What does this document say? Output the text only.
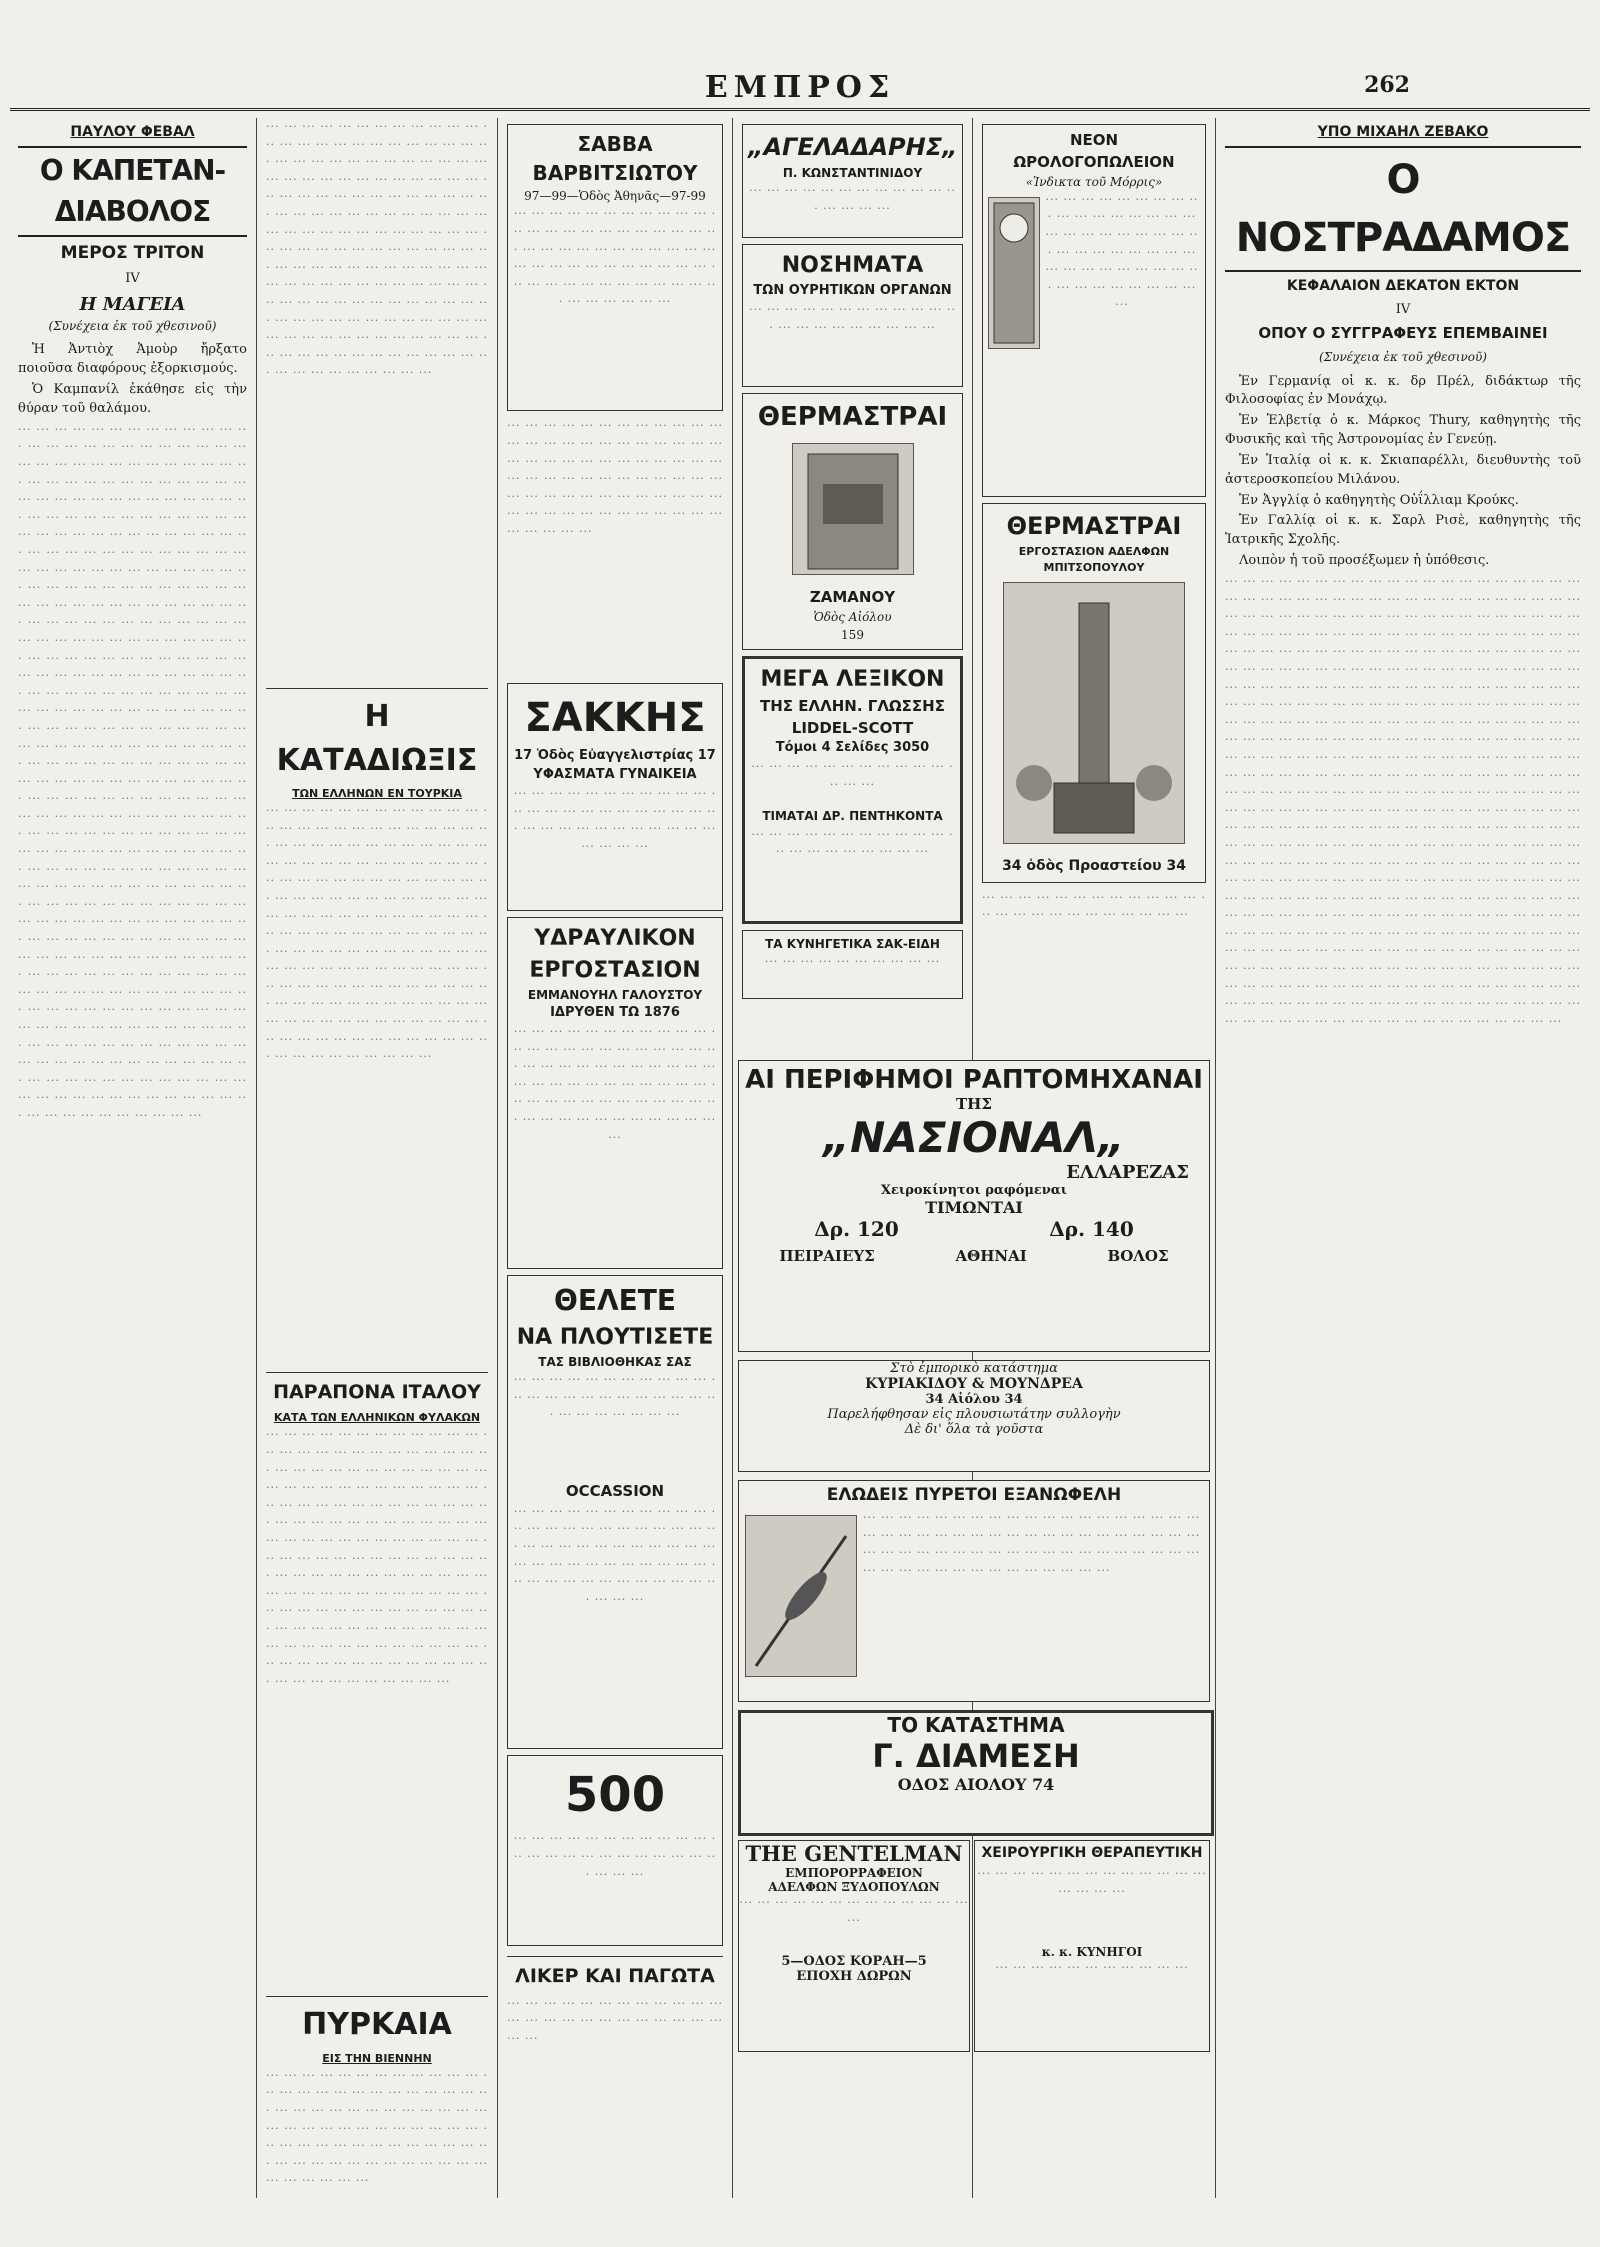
ΕΜΠΡΟΣ	262
ΠΑΥΛΟΥ ΦΕΒΑΛ
Ο ΚΑΠΕΤΑΝ-ΔΙΑΒΟΛΟΣ
ΜΕΡΟΣ ΤΡΙΤΟΝ
IV
Η ΜΑΓΕΙΑ
(Συνέχεια ἐκ τοῦ χθεσινοῦ)

Ἡ Ἀντιὸχ Ἀμοὺρ ἤρξατο ποιοῦσα διαφόρους ἐξορκισμούς.

Ὁ Καμπανίλ ἐκάθησε εἰς τὴν θύραν τοῦ θαλάμου.

··· ··· ··· ··· ··· ··· ··· ··· ··· ··· ··· ··· ··· ··· ··· ··· ··· ··· ··· ··· ··· ··· ··· ··· ··· ··· ··· ··· ··· ··· ··· ··· ··· ··· ··· ··· ··· ··· ··· ··· ··· ··· ··· ··· ··· ··· ··· ··· ··· ··· ··· ··· ··· ··· ··· ··· ··· ··· ··· ··· ··· ··· ··· ··· ··· ··· ··· ··· ··· ··· ··· ··· ··· ··· ··· ··· ··· ··· ··· ··· ··· ··· ··· ··· ··· ··· ··· ··· ··· ··· ··· ··· ··· ··· ··· ··· ··· ··· ··· ··· ··· ··· ··· ··· ··· ··· ··· ··· ··· ··· ··· ··· ··· ··· ··· ··· ··· ··· ··· ··· ··· ··· ··· ··· ··· ··· ··· ··· ··· ··· ··· ··· ··· ··· ··· ··· ··· ··· ··· ··· ··· ··· ··· ··· ··· ··· ··· ··· ··· ··· ··· ··· ··· ··· ··· ··· ··· ··· ··· ··· ··· ··· ··· ··· ··· ··· ··· ··· ··· ··· ··· ··· ··· ··· ··· ··· ··· ··· ··· ··· ··· ··· ··· ··· ··· ··· ··· ··· ··· ··· ··· ··· ··· ··· ··· ··· ··· ··· ··· ··· ··· ··· ··· ··· ··· ··· ··· ··· ··· ··· ··· ··· ··· ··· ··· ··· ··· ··· ··· ··· ··· ··· ··· ··· ··· ··· ··· ··· ··· ··· ··· ··· ··· ··· ··· ··· ··· ··· ··· ··· ··· ··· ··· ··· ··· ··· ··· ··· ··· ··· ··· ··· ··· ··· ··· ··· ··· ··· ··· ··· ··· ··· ··· ··· ··· ··· ··· ··· ··· ··· ··· ··· ··· ··· ··· ··· ··· ··· ··· ··· ··· ··· ··· ··· ··· ··· ··· ··· ··· ··· ··· ··· ··· ··· ··· ··· ··· ··· ··· ··· ··· ··· ··· ··· ··· ··· ··· ··· ··· ··· ··· ··· ··· ··· ··· ··· ··· ··· ··· ··· ··· ··· ··· ··· ··· ··· ··· ··· ··· ··· ··· ··· ··· ··· ··· ··· ··· ··· ··· ··· ··· ··· ··· ··· ··· ··· ··· ··· ··· ··· ··· ··· ··· ··· ··· ··· ··· ··· ··· ··· ··· ··· ··· ··· ··· ··· ··· ··· ··· ··· ··· ··· ··· ··· ··· ··· ··· ··· ··· ··· ··· ··· ··· ··· ··· ··· ··· ··· ··· ··· ··· ··· ··· ··· ··· ··· ··· ··· ··· ··· ··· ··· ··· ··· ··· ··· ··· ··· ··· ··· ··· ··· ··· ··· ··· ··· ··· ··· ··· ··· ··· ··· ··· ··· ··· ··· ··· ··· ··· ··· ··· ··· ··· ··· ··· ··· ··· ··· ··· ··· ··· ··· ··· ··· ··· ··· ··· ··· ··· ··· ··· ··· ··· ··· ··· ··· ··· ··· ··· ··· ··· ··· ··· ··· ··· ··· ··· ··· ··· ··· ··· ··· ··· ··· ··· ··· ··· ··· ··· ··· ··· ··· ··· ··· ··· ··· ··· ··· ··· ··· ··· ··· ··· ··· ··· ··· ··· ···
··· ··· ··· ··· ··· ··· ··· ··· ··· ··· ··· ··· ··· ··· ··· ··· ··· ··· ··· ··· ··· ··· ··· ··· ··· ··· ··· ··· ··· ··· ··· ··· ··· ··· ··· ··· ··· ··· ··· ··· ··· ··· ··· ··· ··· ··· ··· ··· ··· ··· ··· ··· ··· ··· ··· ··· ··· ··· ··· ··· ··· ··· ··· ··· ··· ··· ··· ··· ··· ··· ··· ··· ··· ··· ··· ··· ··· ··· ··· ··· ··· ··· ··· ··· ··· ··· ··· ··· ··· ··· ··· ··· ··· ··· ··· ··· ··· ··· ··· ··· ··· ··· ··· ··· ··· ··· ··· ··· ··· ··· ··· ··· ··· ··· ··· ··· ··· ··· ··· ··· ··· ··· ··· ··· ··· ··· ··· ··· ··· ··· ··· ··· ··· ··· ··· ··· ··· ··· ··· ··· ··· ··· ··· ··· ··· ··· ··· ··· ··· ··· ··· ··· ··· ··· ··· ··· ··· ··· ··· ··· ··· ··· ··· ··· ··· ··· ··· ··· ··· ··· ··· ··· ··· ··· ··· ··· ··· ··· ··· ··· ··· ···
Η ΚΑΤΑΔΙΩΞΙΣ
ΤΩΝ ΕΛΛΗΝΩΝ ΕΝ ΤΟΥΡΚΙΑ
··· ··· ··· ··· ··· ··· ··· ··· ··· ··· ··· ··· ··· ··· ··· ··· ··· ··· ··· ··· ··· ··· ··· ··· ··· ··· ··· ··· ··· ··· ··· ··· ··· ··· ··· ··· ··· ··· ··· ··· ··· ··· ··· ··· ··· ··· ··· ··· ··· ··· ··· ··· ··· ··· ··· ··· ··· ··· ··· ··· ··· ··· ··· ··· ··· ··· ··· ··· ··· ··· ··· ··· ··· ··· ··· ··· ··· ··· ··· ··· ··· ··· ··· ··· ··· ··· ··· ··· ··· ··· ··· ··· ··· ··· ··· ··· ··· ··· ··· ··· ··· ··· ··· ··· ··· ··· ··· ··· ··· ··· ··· ··· ··· ··· ··· ··· ··· ··· ··· ··· ··· ··· ··· ··· ··· ··· ··· ··· ··· ··· ··· ··· ··· ··· ··· ··· ··· ··· ··· ··· ··· ··· ··· ··· ··· ··· ··· ··· ··· ··· ··· ··· ··· ··· ··· ··· ··· ··· ··· ··· ··· ··· ··· ··· ··· ··· ··· ··· ··· ··· ··· ··· ··· ··· ··· ··· ··· ··· ··· ··· ··· ···
ΠΑΡΑΠΟΝΑ ΙΤΑΛΟΥ
ΚΑΤΑ ΤΩΝ ΕΛΛΗΝΙΚΩΝ ΦΥΛΑΚΩΝ
··· ··· ··· ··· ··· ··· ··· ··· ··· ··· ··· ··· ··· ··· ··· ··· ··· ··· ··· ··· ··· ··· ··· ··· ··· ··· ··· ··· ··· ··· ··· ··· ··· ··· ··· ··· ··· ··· ··· ··· ··· ··· ··· ··· ··· ··· ··· ··· ··· ··· ··· ··· ··· ··· ··· ··· ··· ··· ··· ··· ··· ··· ··· ··· ··· ··· ··· ··· ··· ··· ··· ··· ··· ··· ··· ··· ··· ··· ··· ··· ··· ··· ··· ··· ··· ··· ··· ··· ··· ··· ··· ··· ··· ··· ··· ··· ··· ··· ··· ··· ··· ··· ··· ··· ··· ··· ··· ··· ··· ··· ··· ··· ··· ··· ··· ··· ··· ··· ··· ··· ··· ··· ··· ··· ··· ··· ··· ··· ··· ··· ··· ··· ··· ··· ··· ··· ··· ··· ··· ··· ··· ··· ··· ··· ··· ··· ··· ··· ··· ··· ··· ··· ··· ··· ··· ··· ··· ··· ··· ··· ··· ··· ··· ··· ··· ··· ··· ··· ··· ··· ··· ··· ··· ··· ··· ··· ··· ··· ··· ··· ··· ··· ···
ΠΥΡΚΑΙΑ
ΕΙΣ ΤΗΝ ΒΙΕΝΝΗΝ
··· ··· ··· ··· ··· ··· ··· ··· ··· ··· ··· ··· ··· ··· ··· ··· ··· ··· ··· ··· ··· ··· ··· ··· ··· ··· ··· ··· ··· ··· ··· ··· ··· ··· ··· ··· ··· ··· ··· ··· ··· ··· ··· ··· ··· ··· ··· ··· ··· ··· ··· ··· ··· ··· ··· ··· ··· ··· ··· ··· ··· ··· ··· ··· ··· ··· ··· ··· ··· ··· ··· ··· ··· ··· ··· ··· ··· ··· ··· ···
ΣΑΒΒΑ ΒΑΡΒΙΤΣΙΩΤΟΥ
97—99—Ὁδὸς Ἀθηνᾶς—97-99
··· ··· ··· ··· ··· ··· ··· ··· ··· ··· ··· ··· ··· ··· ··· ··· ··· ··· ··· ··· ··· ··· ··· ··· ··· ··· ··· ··· ··· ··· ··· ··· ··· ··· ··· ··· ··· ··· ··· ··· ··· ··· ··· ··· ··· ··· ··· ··· ··· ··· ··· ··· ··· ··· ··· ··· ··· ··· ··· ··· ··· ··· ···
··· ··· ··· ··· ··· ··· ··· ··· ··· ··· ··· ··· ··· ··· ··· ··· ··· ··· ··· ··· ··· ··· ··· ··· ··· ··· ··· ··· ··· ··· ··· ··· ··· ··· ··· ··· ··· ··· ··· ··· ··· ··· ··· ··· ··· ··· ··· ··· ··· ··· ··· ··· ··· ··· ··· ··· ··· ··· ··· ··· ··· ··· ··· ··· ··· ··· ··· ··· ··· ··· ··· ··· ··· ··· ··· ··· ···
ΣΑΚΚΗΣ
17 Ὁδὸς Εὐαγγελιστρίας 17
ΥΦΑΣΜΑΤΑ ΓΥΝΑΙΚΕΙΑ
··· ··· ··· ··· ··· ··· ··· ··· ··· ··· ··· ··· ··· ··· ··· ··· ··· ··· ··· ··· ··· ··· ··· ··· ··· ··· ··· ··· ··· ··· ··· ··· ··· ··· ··· ··· ··· ···
ΥΔΡΑΥΛΙΚΟΝ ΕΡΓΟΣΤΑΣΙΟΝ
ΕΜΜΑΝΟΥΗΛ ΓΑΛΟΥΣΤΟΥ
ΙΔΡΥΘΕΝ ΤΩ 1876
··· ··· ··· ··· ··· ··· ··· ··· ··· ··· ··· ··· ··· ··· ··· ··· ··· ··· ··· ··· ··· ··· ··· ··· ··· ··· ··· ··· ··· ··· ··· ··· ··· ··· ··· ··· ··· ··· ··· ··· ··· ··· ··· ··· ··· ··· ··· ··· ··· ··· ··· ··· ··· ··· ··· ··· ··· ··· ··· ··· ··· ··· ··· ··· ··· ··· ··· ··· ···
ΘΕΛΕΤΕ
ΝΑ ΠΛΟΥΤΙΣΕΤΕ
ΤΑΣ ΒΙΒΛΙΟΘΗΚΑΣ ΣΑΣ
··· ··· ··· ··· ··· ··· ··· ··· ··· ··· ··· ··· ··· ··· ··· ··· ··· ··· ··· ··· ··· ··· ··· ··· ··· ··· ··· ··· ··· ···
OCCASSION
··· ··· ··· ··· ··· ··· ··· ··· ··· ··· ··· ··· ··· ··· ··· ··· ··· ··· ··· ··· ··· ··· ··· ··· ··· ··· ··· ··· ··· ··· ··· ··· ··· ··· ··· ··· ··· ··· ··· ··· ··· ··· ··· ··· ··· ··· ··· ··· ··· ··· ··· ··· ··· ··· ··· ··· ··· ··· ··· ···
500
··· ··· ··· ··· ··· ··· ··· ··· ··· ··· ··· ··· ··· ··· ··· ··· ··· ··· ··· ··· ··· ··· ··· ··· ··· ···
ΛΙΚΕΡ ΚΑΙ ΠΑΓΩΤΑ
··· ··· ··· ··· ··· ··· ··· ··· ··· ··· ··· ··· ··· ··· ··· ··· ··· ··· ··· ··· ··· ··· ··· ··· ··· ···
„ΑΓΕΛΑΔΑΡΗΣ„
Π. ΚΩΝΣΤΑΝΤΙΝΙΔΟΥ
··· ··· ··· ··· ··· ··· ··· ··· ··· ··· ··· ··· ··· ··· ··· ···
ΝΟΣΗΜΑΤΑ
ΤΩΝ ΟΥΡΗΤΙΚΩΝ ΟΡΓΑΝΩΝ
··· ··· ··· ··· ··· ··· ··· ··· ··· ··· ··· ··· ··· ··· ··· ··· ··· ··· ··· ··· ···
ΘΕΡΜΑΣΤΡΑΙ
ΖΑΜΑΝΟΥ
Ὁδὸς Αἰόλου
159
ΜΕΓΑ ΛΕΞΙΚΟΝ
ΤΗΣ ΕΛΛΗΝ. ΓΛΩΣΣΗΣ
LIDDEL-SCOTT
Τόμοι 4 Σελίδες 3050
··· ··· ··· ··· ··· ··· ··· ··· ··· ··· ··· ··· ··· ···
ΤΙΜΑΤΑΙ ΔΡ. ΠΕΝΤΗΚΟΝΤΑ
··· ··· ··· ··· ··· ··· ··· ··· ··· ··· ··· ··· ··· ··· ··· ··· ··· ··· ··· ···
ΤΑ ΚΥΝΗΓΕΤΙΚΑ ΣΑΚ-ΕΙΔΗ
··· ··· ··· ··· ··· ··· ··· ··· ··· ···
ΝΕΟΝ ΩΡΟΛΟΓΟΠΩΛΕΙΟΝ
«Ἰνδικτα τοῦ Μόρρις»
··· ··· ··· ··· ··· ··· ··· ··· ··· ··· ··· ··· ··· ··· ··· ··· ··· ··· ··· ··· ··· ··· ··· ··· ··· ··· ··· ··· ··· ··· ··· ··· ··· ··· ··· ··· ··· ··· ··· ··· ··· ··· ··· ··· ··· ··· ··· ··· ··· ··· ··· ···
ΘΕΡΜΑΣΤΡΑΙ
ΕΡΓΟΣΤΑΣΙΟΝ ΑΔΕΛΦΩΝ ΜΠΙΤΣΟΠΟΥΛΟΥ
34 ὁδὸς Προαστείου 34
··· ··· ··· ··· ··· ··· ··· ··· ··· ··· ··· ··· ··· ··· ··· ··· ··· ··· ··· ··· ··· ··· ··· ···
ΑΙ ΠΕΡΙΦΗΜΟΙ ΡΑΠΤΟΜΗΧΑΝΑΙ
ΤΗΣ
„ΝΑΣΙΟΝΑΛ„
ΕΛΛΑΡΕΖΑΣ
Χειροκίνητοι ραφόμεναι
ΤΙΜΩΝΤΑΙ
Δρ. 120	Δρ. 140
ΠΕΙΡΑΙΕΥΣ	ΑΘΗΝΑΙ	ΒΟΛΟΣ
Στὸ ἐμπορικὸ κατάστημα
ΚΥΡΙΑΚΙΔΟΥ & ΜΟΥΝΔΡΕΑ
34 Αἰόλου 34
Παρελήφθησαν εἰς πλουσιωτάτην συλλογὴν
Δὲ δι' ὅλα τὰ γοῦστα
ΕΛΩΔΕΙΣ ΠΥΡΕΤΟΙ ΕΞΑΝΩΦΕΛΗ
··· ··· ··· ··· ··· ··· ··· ··· ··· ··· ··· ··· ··· ··· ··· ··· ··· ··· ··· ··· ··· ··· ··· ··· ··· ··· ··· ··· ··· ··· ··· ··· ··· ··· ··· ··· ··· ··· ··· ··· ··· ··· ··· ··· ··· ··· ··· ··· ··· ··· ··· ··· ··· ··· ··· ··· ··· ··· ··· ··· ··· ··· ··· ··· ··· ··· ··· ··· ··· ··· ···
ΤΟ ΚΑΤΑΣΤΗΜΑ
Γ. ΔΙΑΜΕΣΗ
ΟΔΟΣ ΑΙΟΛΟΥ 74
THE GENTELMAN
ΕΜΠΟΡΟΡΡΑΦΕΙΟΝ
ΑΔΕΛΦΩΝ ΞΥΔΟΠΟΥΛΩΝ
··· ··· ··· ··· ··· ··· ··· ··· ··· ··· ··· ··· ··· ···
5—ΟΔΟΣ ΚΟΡΑΗ—5
ΕΠΟΧΗ ΔΩΡΩΝ
ΧΕΙΡΟΥΡΓΙΚΗ ΘΕΡΑΠΕΥΤΙΚΗ
··· ··· ··· ··· ··· ··· ··· ··· ··· ··· ··· ··· ··· ··· ··· ··· ···
κ. κ. ΚΥΝΗΓΟΙ
··· ··· ··· ··· ··· ··· ··· ··· ··· ··· ···
ΥΠΟ ΜΙΧΑΗΛ ΖΕΒΑΚΟ
Ο ΝΟΣΤΡΑΔΑΜΟΣ
ΚΕΦΑΛΑΙΟΝ ΔΕΚΑΤΟΝ ΕΚΤΟΝ
IV
ΟΠΟΥ Ο ΣΥΓΓΡΑΦΕΥΣ ΕΠΕΜΒΑΙΝΕΙ
(Συνέχεια ἐκ τοῦ χθεσινοῦ)

Ἐν Γερμανίᾳ οἱ κ. κ. δρ Πρέλ, διδάκτωρ τῆς Φιλοσοφίας ἐν Μονάχῳ.

Ἐν Ἑλβετίᾳ ὁ κ. Μάρκος Thury, καθηγητὴς τῆς Φυσικῆς καὶ τῆς Ἀστρονομίας ἐν Γενεύῃ.

Ἐν Ἰταλίᾳ οἱ κ. κ. Σκιαπαρέλλι, διευθυντὴς τοῦ ἀστεροσκοπείου Μιλάνου.

Ἐν Ἀγγλίᾳ ὁ καθηγητὴς Οὐΐλλιαμ Κρούκς.

Ἐν Γαλλίᾳ οἱ κ. κ. Σαρλ Ρισὲ, καθηγητὴς τῆς Ἰατρικῆς Σχολῆς.

Λοιπὸν ἡ τοῦ προσέξωμεν ἡ ὑπόθεσις.

··· ··· ··· ··· ··· ··· ··· ··· ··· ··· ··· ··· ··· ··· ··· ··· ··· ··· ··· ··· ··· ··· ··· ··· ··· ··· ··· ··· ··· ··· ··· ··· ··· ··· ··· ··· ··· ··· ··· ··· ··· ··· ··· ··· ··· ··· ··· ··· ··· ··· ··· ··· ··· ··· ··· ··· ··· ··· ··· ··· ··· ··· ··· ··· ··· ··· ··· ··· ··· ··· ··· ··· ··· ··· ··· ··· ··· ··· ··· ··· ··· ··· ··· ··· ··· ··· ··· ··· ··· ··· ··· ··· ··· ··· ··· ··· ··· ··· ··· ··· ··· ··· ··· ··· ··· ··· ··· ··· ··· ··· ··· ··· ··· ··· ··· ··· ··· ··· ··· ··· ··· ··· ··· ··· ··· ··· ··· ··· ··· ··· ··· ··· ··· ··· ··· ··· ··· ··· ··· ··· ··· ··· ··· ··· ··· ··· ··· ··· ··· ··· ··· ··· ··· ··· ··· ··· ··· ··· ··· ··· ··· ··· ··· ··· ··· ··· ··· ··· ··· ··· ··· ··· ··· ··· ··· ··· ··· ··· ··· ··· ··· ··· ··· ··· ··· ··· ··· ··· ··· ··· ··· ··· ··· ··· ··· ··· ··· ··· ··· ··· ··· ··· ··· ··· ··· ··· ··· ··· ··· ··· ··· ··· ··· ··· ··· ··· ··· ··· ··· ··· ··· ··· ··· ··· ··· ··· ··· ··· ··· ··· ··· ··· ··· ··· ··· ··· ··· ··· ··· ··· ··· ··· ··· ··· ··· ··· ··· ··· ··· ··· ··· ··· ··· ··· ··· ··· ··· ··· ··· ··· ··· ··· ··· ··· ··· ··· ··· ··· ··· ··· ··· ··· ··· ··· ··· ··· ··· ··· ··· ··· ··· ··· ··· ··· ··· ··· ··· ··· ··· ··· ··· ··· ··· ··· ··· ··· ··· ··· ··· ··· ··· ··· ··· ··· ··· ··· ··· ··· ··· ··· ··· ··· ··· ··· ··· ··· ··· ··· ··· ··· ··· ··· ··· ··· ··· ··· ··· ··· ··· ··· ··· ··· ··· ··· ··· ··· ··· ··· ··· ··· ··· ··· ··· ··· ··· ··· ··· ··· ··· ··· ··· ··· ··· ··· ··· ··· ··· ··· ··· ··· ··· ··· ··· ··· ··· ··· ··· ··· ··· ··· ··· ··· ··· ··· ··· ··· ··· ··· ··· ··· ··· ··· ··· ··· ··· ··· ··· ··· ··· ··· ··· ··· ··· ··· ··· ··· ··· ··· ··· ··· ··· ··· ··· ··· ··· ··· ··· ··· ··· ··· ··· ··· ··· ··· ··· ··· ··· ··· ··· ··· ··· ··· ··· ··· ··· ··· ··· ··· ··· ··· ··· ··· ··· ··· ··· ··· ··· ··· ··· ··· ··· ··· ··· ··· ··· ··· ··· ··· ··· ··· ··· ··· ··· ··· ··· ··· ··· ··· ··· ··· ··· ··· ··· ··· ··· ··· ··· ··· ··· ··· ··· ··· ··· ··· ··· ··· ··· ··· ··· ··· ··· ··· ··· ··· ··· ··· ··· ··· ··· ··· ··· ··· ··· ··· ··· ··· ··· ··· ··· ··· ··· ··· ··· ··· ··· ··· ··· ··· ··· ··· ··· ··· ··· ··· ··· ··· ··· ··· ···
